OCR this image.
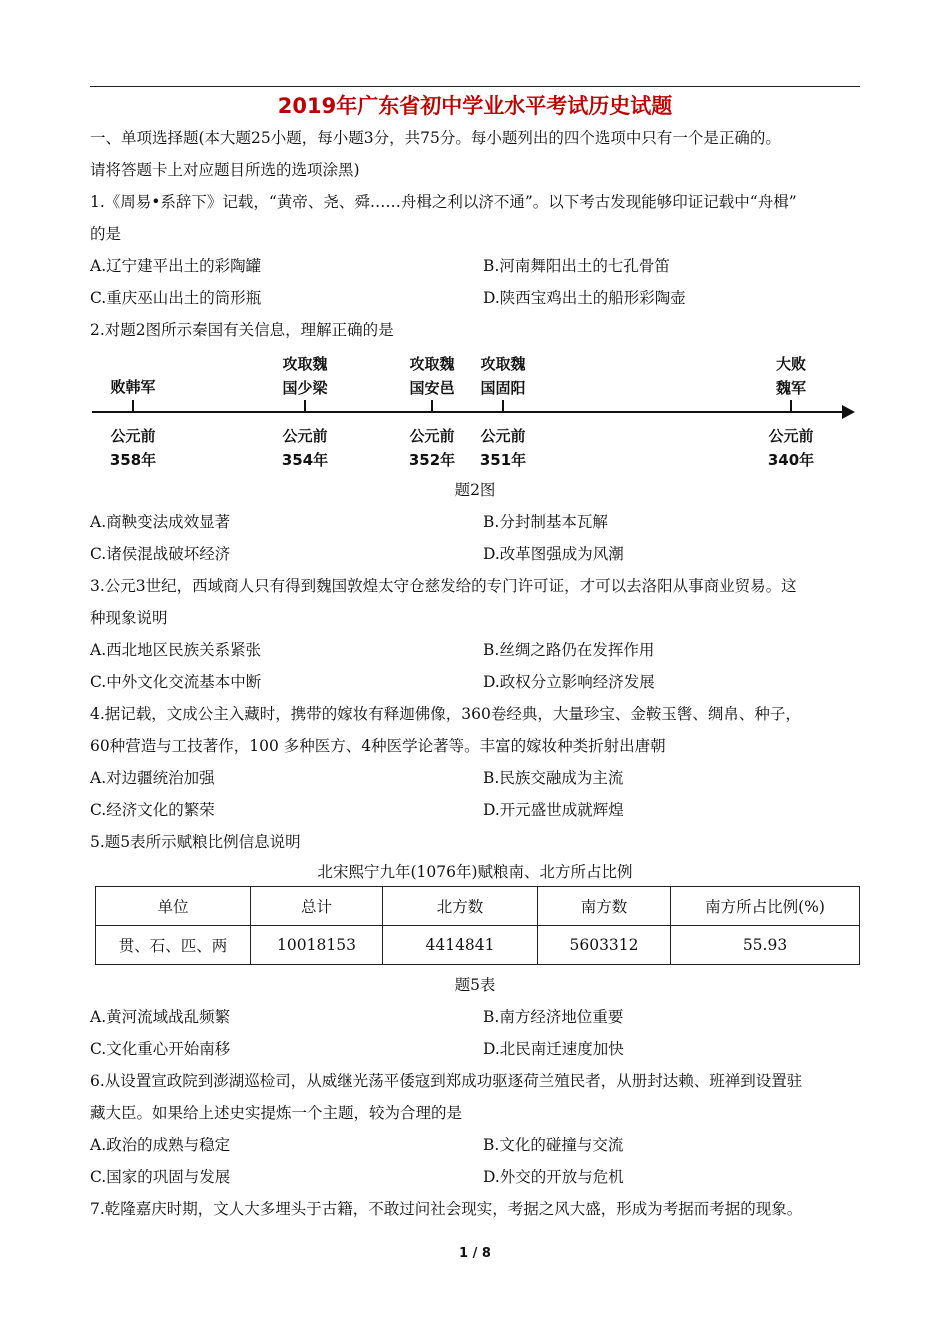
2019年广东省初中学业水平考试历史试题
一、单项选择题(本大题25小题，每小题3分，共75分。每小题列出的四个选项中只有一个是正确的。
请将答题卡上对应题目所选的选项涂黑)
1.《周易•系辞下》记载，“黄帝、尧、舜……舟楫之利以济不通”。以下考古发现能够印证记载中“舟楫”
的是
A.辽宁建平出土的彩陶罐	B.河南舞阳出土的七孔骨笛
C.重庆巫山出土的筒形瓶	D.陕西宝鸡出土的船形彩陶壶
2.对题2图所示秦国有关信息，理解正确的是
败韩军
攻取魏
国少梁
攻取魏
国安邑
攻取魏
国固阳
大败
魏军
公元前
358年
公元前
354年
公元前
352年
公元前
351年
公元前
340年
题2图
A.商鞅变法成效显著	B.分封制基本瓦解
C.诸侯混战破坏经济	D.改革图强成为风潮
3.公元3世纪，西域商人只有得到魏国敦煌太守仓慈发给的专门许可证，才可以去洛阳从事商业贸易。这
种现象说明
A.西北地区民族关系紧张	B.丝绸之路仍在发挥作用
C.中外文化交流基本中断	D.政权分立影响经济发展
4.据记载，文成公主入藏时，携带的嫁妆有释迦佛像，360卷经典，大量珍宝、金鞍玉辔、绸帛、种子，
60种营造与工技著作，100 多种医方、4种医学论著等。丰富的嫁妆种类折射出唐朝
A.对边疆统治加强	B.民族交融成为主流
C.经济文化的繁荣	D.开元盛世成就辉煌
5.题5表所示赋粮比例信息说明
北宋熙宁九年(1076年)赋粮南、北方所占比例
单位	总计	北方数	南方数	南方所占比例(%)
贯、石、匹、两	10018153	4414841	5603312	55.93
题5表
A.黄河流域战乱频繁	B.南方经济地位重要
C.文化重心开始南移	D.北民南迁速度加快
6.从设置宣政院到澎湖巡检司，从威继光荡平倭寇到郑成功驱逐荷兰殖民者，从册封达赖、班禅到设置驻
藏大臣。如果给上述史实提炼一个主题，较为合理的是
A.政治的成熟与稳定	B.文化的碰撞与交流
C.国家的巩固与发展	D.外交的开放与危机
7.乾隆嘉庆时期，文人大多埋头于古籍，不敢过问社会现实，考据之风大盛，形成为考据而考据的现象。
1 / 8
